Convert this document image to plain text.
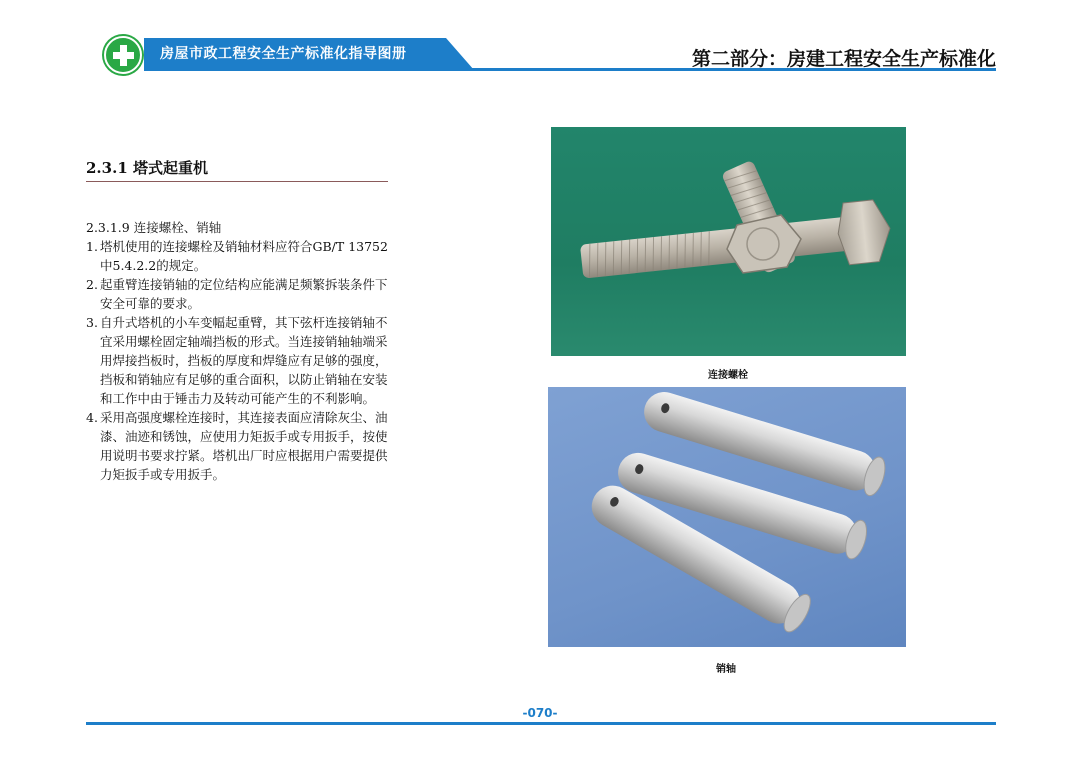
房屋市政工程安全生产标准化指导图册	第二部分：房建工程安全生产标准化
2.3.1 塔式起重机
2.3.1.9 连接螺栓、销轴
1. 塔机使用的连接螺栓及销轴材料应符合GB/T 13752中5.4.2.2的规定。
2. 起重臂连接销轴的定位结构应能满足频繁拆装条件下安全可靠的要求。
3. 自升式塔机的小车变幅起重臂，其下弦杆连接销轴不宜采用螺栓固定轴端挡板的形式。当连接销轴轴端采用焊接挡板时，挡板的厚度和焊缝应有足够的强度，挡板和销轴应有足够的重合面积，以防止销轴在安装和工作中由于锤击力及转动可能产生的不利影响。
4. 采用高强度螺栓连接时，其连接表面应清除灰尘、油漆、油迹和锈蚀，应使用力矩扳手或专用扳手，按使用说明书要求拧紧。塔机出厂时应根据用户需要提供力矩扳手或专用扳手。
连接螺栓
销轴
-070-
